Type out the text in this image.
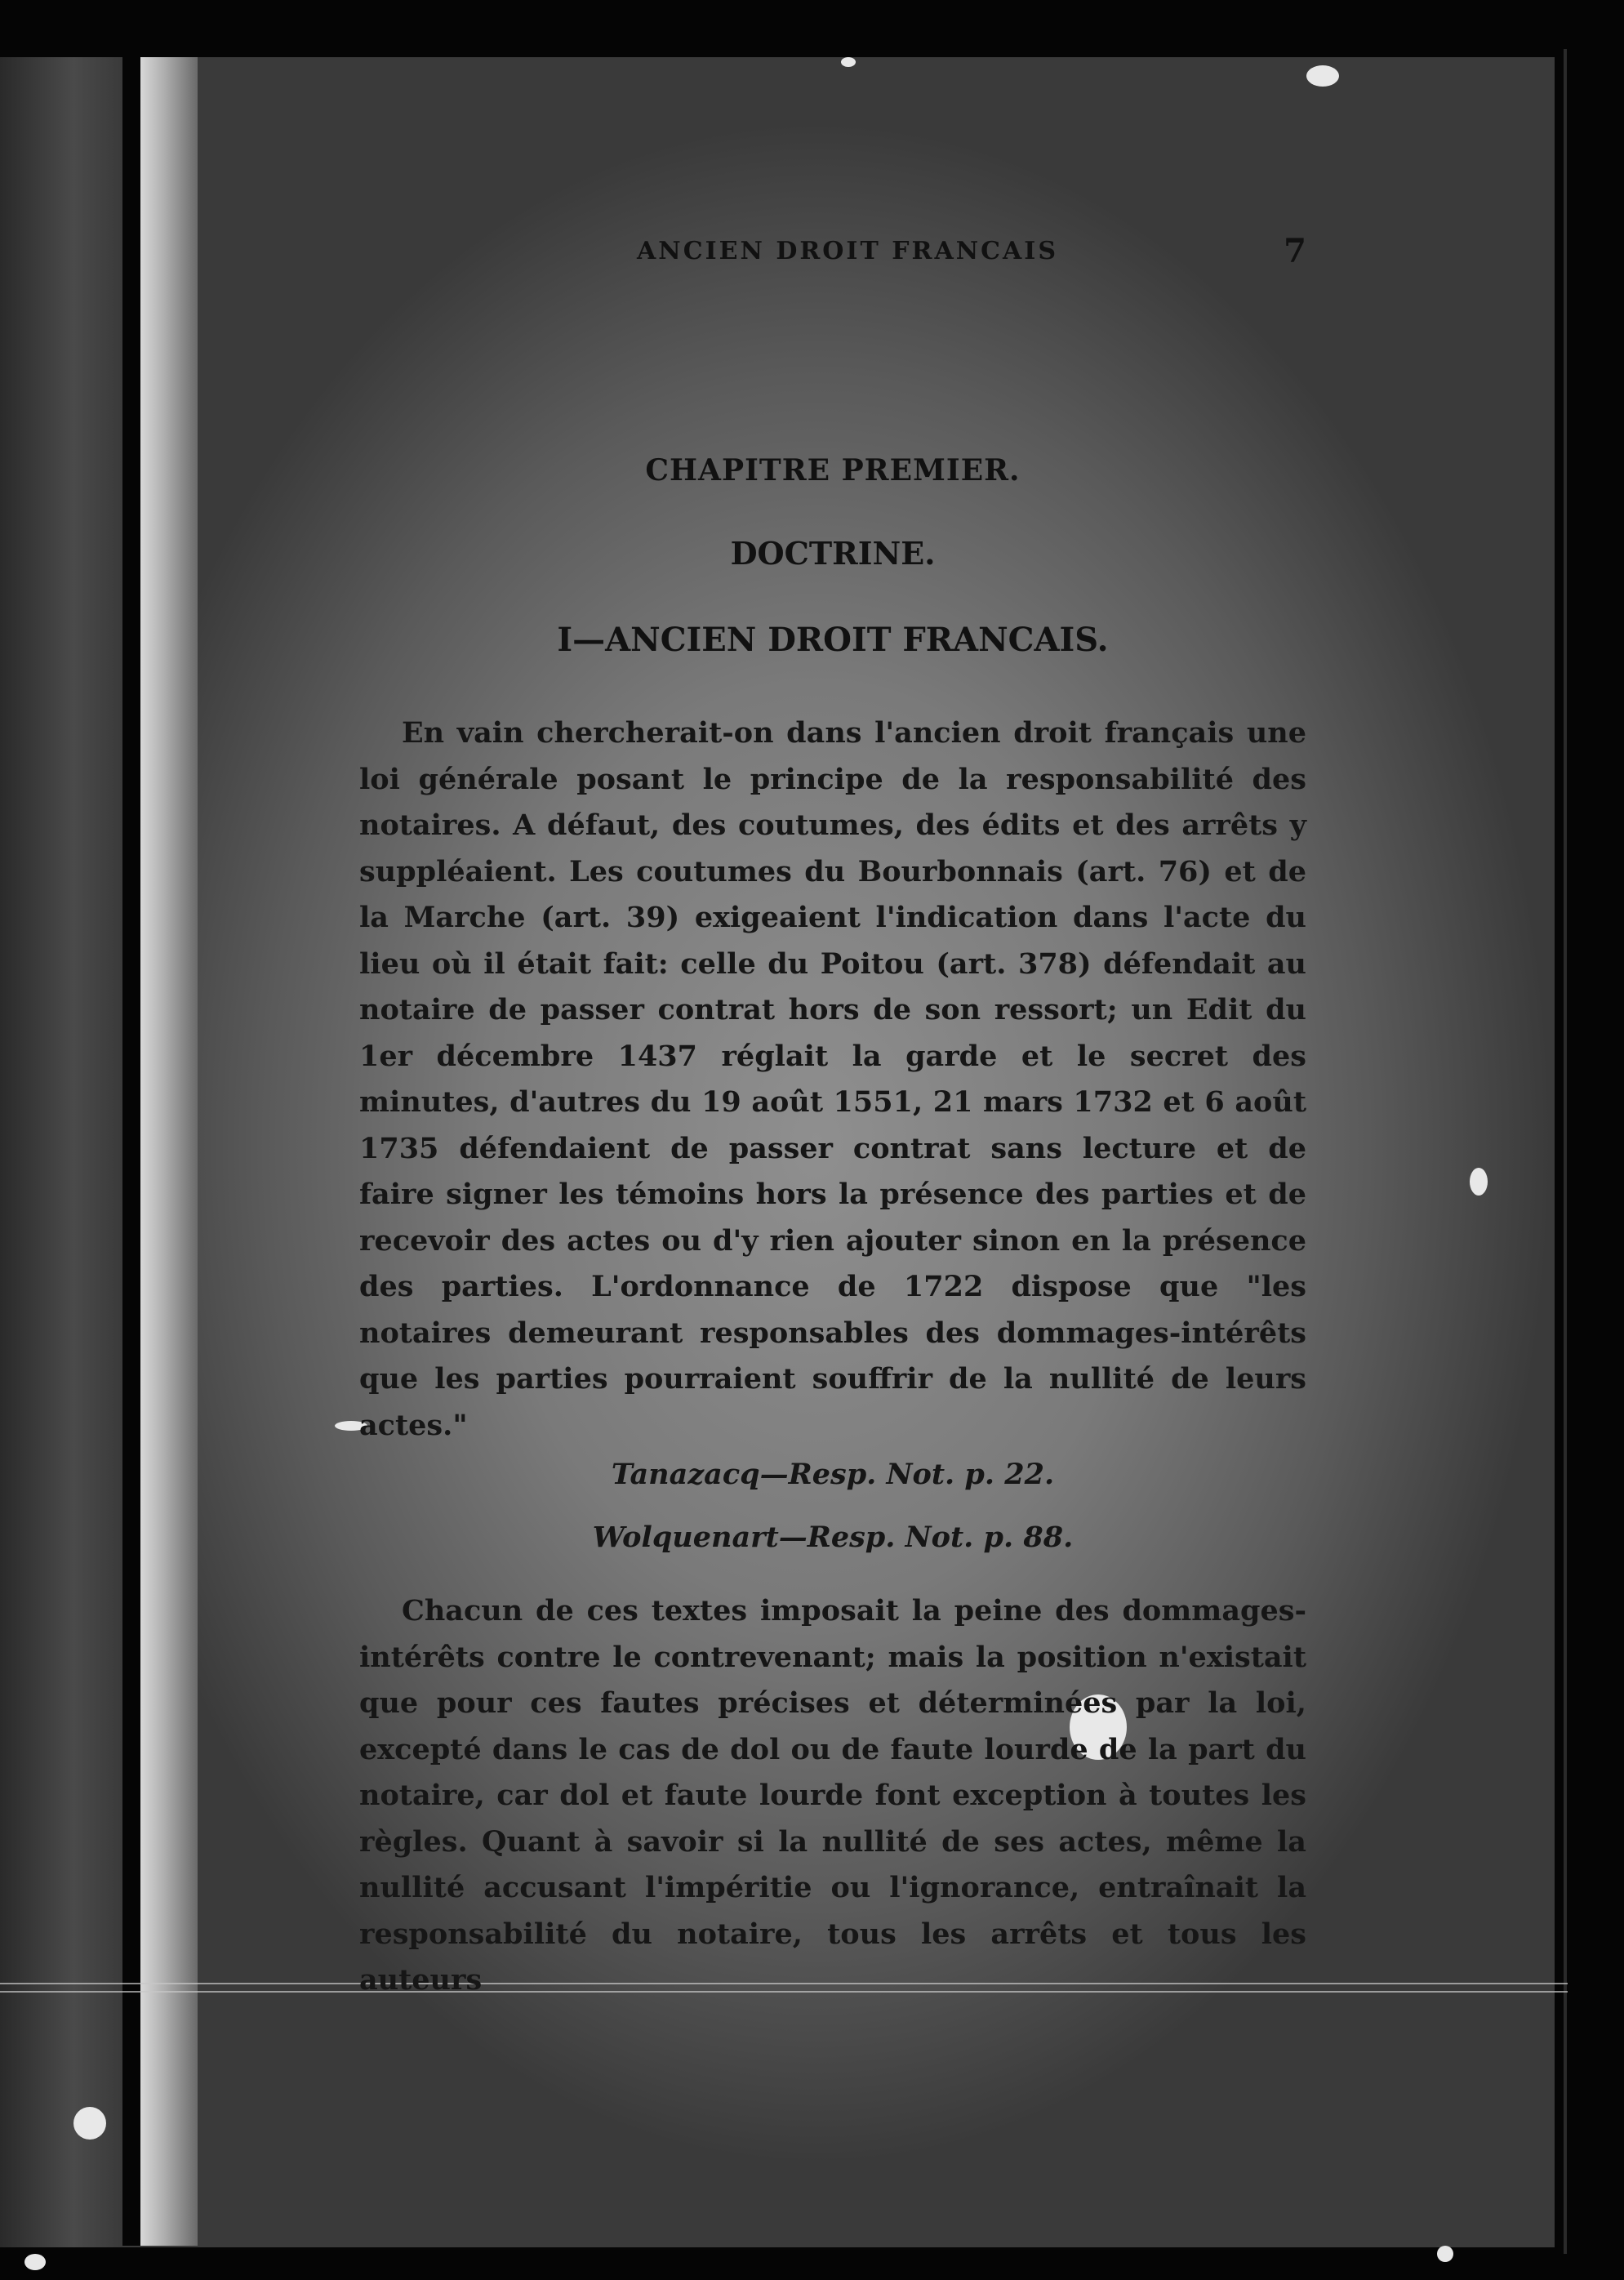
ANCIEN DROIT FRANCAIS	7
CHAPITRE PREMIER.
DOCTRINE.
I—ANCIEN DROIT FRANCAIS.
En vain chercherait-on dans l'ancien droit français une loi générale posant le principe de la responsabilité des notaires. A défaut, des coutumes, des édits et des arrêts y suppléaient. Les coutumes du Bourbonnais (art. 76) et de la Marche (art. 39) exigeaient l'indication dans l'acte du lieu où il était fait: celle du Poitou (art. 378) défendait au notaire de passer contrat hors de son ressort; un Edit du 1er décembre 1437 réglait la garde et le secret des minutes, d'autres du 19 août 1551, 21 mars 1732 et 6 août 1735 défendaient de passer contrat sans lecture et de faire signer les témoins hors la présence des parties et de recevoir des actes ou d'y rien ajouter sinon en la présence des parties. L'ordonnance de 1722 dispose que "les notaires demeurant responsables des dommages-intérêts que les parties pourraient souffrir de la nullité de leurs actes."
Tanazacq—Resp. Not. p. 22.
Wolquenart—Resp. Not. p. 88.
Chacun de ces textes imposait la peine des dommages-intérêts contre le contrevenant; mais la position n'existait que pour ces fautes précises et déterminées par la loi, excepté dans le cas de dol ou de faute lourde de la part du notaire, car dol et faute lourde font exception à toutes les règles. Quant à savoir si la nullité de ses actes, même la nullité accusant l'impéritie ou l'ignorance, entraînait la responsabilité du notaire, tous les arrêts et tous les auteurs
